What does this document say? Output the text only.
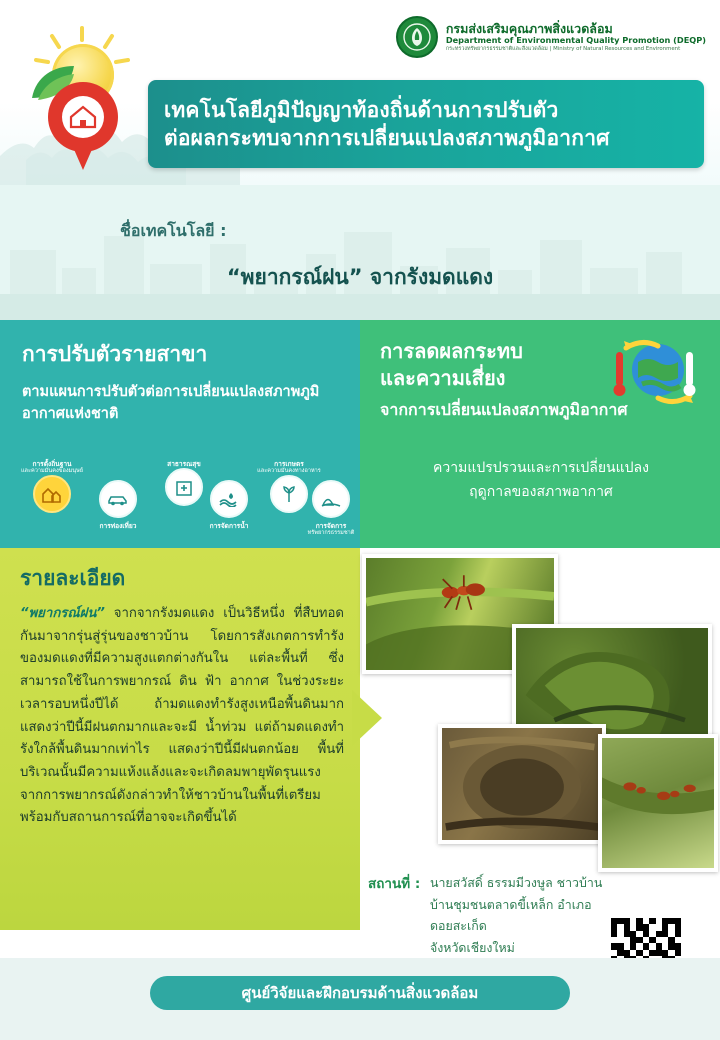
กรมส่งเสริมคุณภาพสิ่งแวดล้อม
Department of Environmental Quality Promotion (DEQP)
กระทรวงทรัพยากรธรรมชาติและสิ่งแวดล้อม | Ministry of Natural Resources and Environment
เทคโนโลยีภูมิปัญญาท้องถิ่นด้านการปรับตัว
ต่อผลกระทบจากการเปลี่ยนแปลงสภาพภูมิอากาศ
ชื่อเทคโนโลยี :
“พยากรณ์ฝน” จากรังมดแดง
การปรับตัวรายสาขา

ตามแผนการปรับตัวต่อการเปลี่ยนแปลงสภาพภูมิอากาศแห่งชาติ

การตั้งถิ่นฐาน
และความมั่นคงของมนุษย์
การท่องเที่ยว
สาธารณสุข
การจัดการน้ำ
การเกษตร
และความมั่นคงทางอาหาร
การจัดการ
ทรัพยากรธรรมชาติ
การลดผลกระทบ
และความเสี่ยง
จากการเปลี่ยนแปลงสภาพภูมิอากาศ
ความแปรปรวนและการเปลี่ยนแปลง
ฤดูกาลของสภาพอากาศ
รายละเอียด
“พยากรณ์ฝน” จากจากรังมดแดง เป็นวิธีหนึ่ง ที่สืบทอดกันมาจากรุ่นสู่รุ่นของชาวบ้าน โดยการสังเกตการทำรังของมดแดงที่มีความสูงแตกต่างกันใน แต่ละพื้นที่ ซึ่งสามารถใช้ในการพยากรณ์ ดิน ฟ้า อากาศ ในช่วงระยะเวลารอบหนึ่งปีได้ ถ้ามดแดงทำรังสูงเหนือพื้นดินมาก แสดงว่าปีนี้มีฝนตกมากและจะมี น้ำท่วม แต่ถ้ามดแดงทำรังใกล้พื้นดินมากเท่าไร แสดงว่าปีนี้มีฝนตกน้อย พื้นที่บริเวณนั้นมีความแห้งแล้งและจะเกิดลมพายุพัดรุนแรง จากการพยากรณ์ดังกล่าวทำให้ชาวบ้านในพื้นที่เตรียมพร้อมกับสถานการณ์ที่อาจจะเกิดขึ้นได้
สถานที่ : นายสวัสดิ์ ธรรมมีวงษูล ชาวบ้าน
บ้านชุมชนตลาดขี้เหล็ก อำเภอดอยสะเก็ด
จังหวัดเชียงใหม่
ศูนย์วิจัยและฝึกอบรมด้านสิ่งแวดล้อม
